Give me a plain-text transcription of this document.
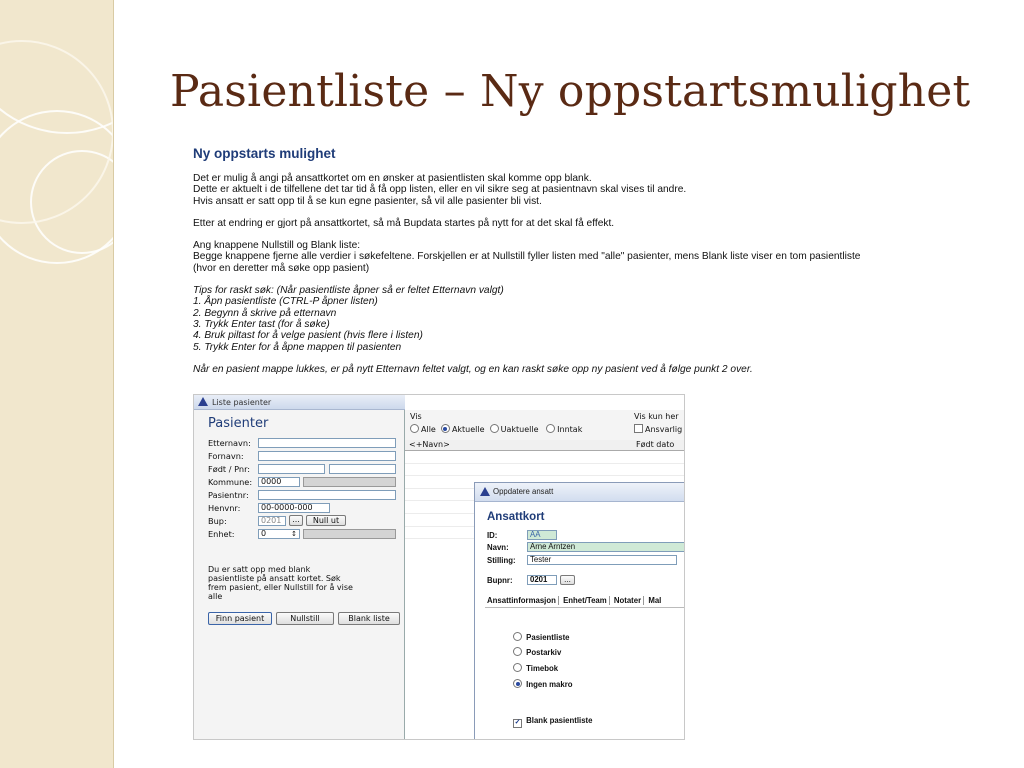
Pasientliste – Ny oppstartsmulighet
Ny oppstarts mulighet

Det er mulig å angi på ansattkortet om en ønsker at pasientlisten skal komme opp blank.
Dette er aktuelt i de tilfellene det tar tid å få opp listen, eller en vil sikre seg at pasientnavn skal vises til andre.
Hvis ansatt er satt opp til å se kun egne pasienter, så vil alle pasienter bli vist.

Etter at endring er gjort på ansattkortet, så må Bupdata startes på nytt for at det skal få effekt.

Ang knappene Nullstill og Blank liste:
Begge knappene fjerne alle verdier i søkefeltene. Forskjellen er at Nullstill fyller listen med "alle" pasienter, mens Blank liste viser en tom pasientliste
(hvor en deretter må søke opp pasient)

Tips for raskt søk: (Når pasientliste åpner så er feltet Etternavn valgt)
1. Åpn pasientliste (CTRL-P åpner listen)
2. Begynn å skrive på etternavn
3. Trykk Enter tast (for å søke)
4. Bruk piltast for å velge pasient (hvis flere i listen)
5. Trykk Enter for å åpne mappen til pasienten

Når en pasient mappe lukkes, er på nytt Etternavn feltet valgt, og en kan raskt søke opp ny pasient ved å følge punkt 2 over.

Liste pasienter
Pasienter
Etternavn:
Fornavn:
Født / Pnr:
Kommune:	0000
Pasientnr:
Henvnr:	00-0000-000
Bup:	0201	...	Null ut
Enhet:	0	↕
Du er satt opp med blank pasientliste på ansatt kortet. Søk frem pasient, eller Nullstill for å vise alle
Finn pasient	Nullstill	Blank liste
Vis
Alle Aktuelle Uaktuelle Inntak
Vis kun her
Ansvarlig
<+Navn>	Født dato
Oppdatere ansatt
Ansattkort
ID:	AA
Navn:	Arne Arntzen
Stilling:	Tester
Bupnr:	0201	...
Ansattinformasjon Enhet/Team Notater Mal
Pasientliste
Postarkiv
Timebok
Ingen makro
✓ Blank pasientliste
